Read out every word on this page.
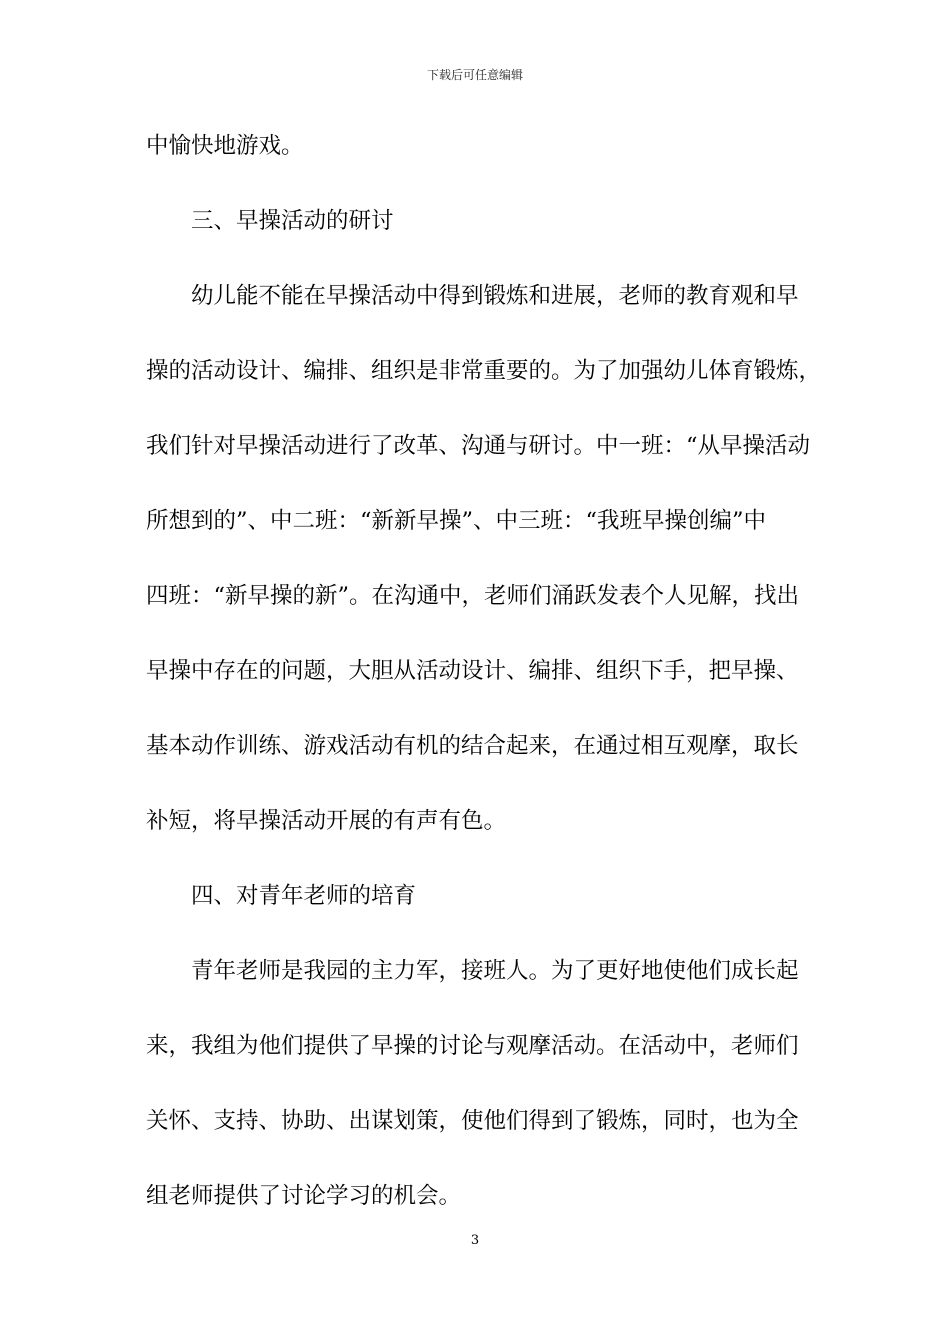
下载后可任意编辑
中愉快地游戏。
三、早操活动的研讨
幼儿能不能在早操活动中得到锻炼和进展，老师的教育观和早
操的活动设计、编排、组织是非常重要的。为了加强幼儿体育锻炼，
我们针对早操活动进行了改革、沟通与研讨。中一班：“从早操活动
所想到的”、中二班：“新新早操”、中三班：“我班早操创编”中
四班：“新早操的新”。在沟通中，老师们涌跃发表个人见解，找出
早操中存在的问题，大胆从活动设计、编排、组织下手，把早操、
基本动作训练、游戏活动有机的结合起来，在通过相互观摩，取长
补短，将早操活动开展的有声有色。
四、对青年老师的培育
青年老师是我园的主力军，接班人。为了更好地使他们成长起
来，我组为他们提供了早操的讨论与观摩活动。在活动中，老师们
关怀、支持、协助、出谋划策，使他们得到了锻炼，同时，也为全
组老师提供了讨论学习的机会。
3
